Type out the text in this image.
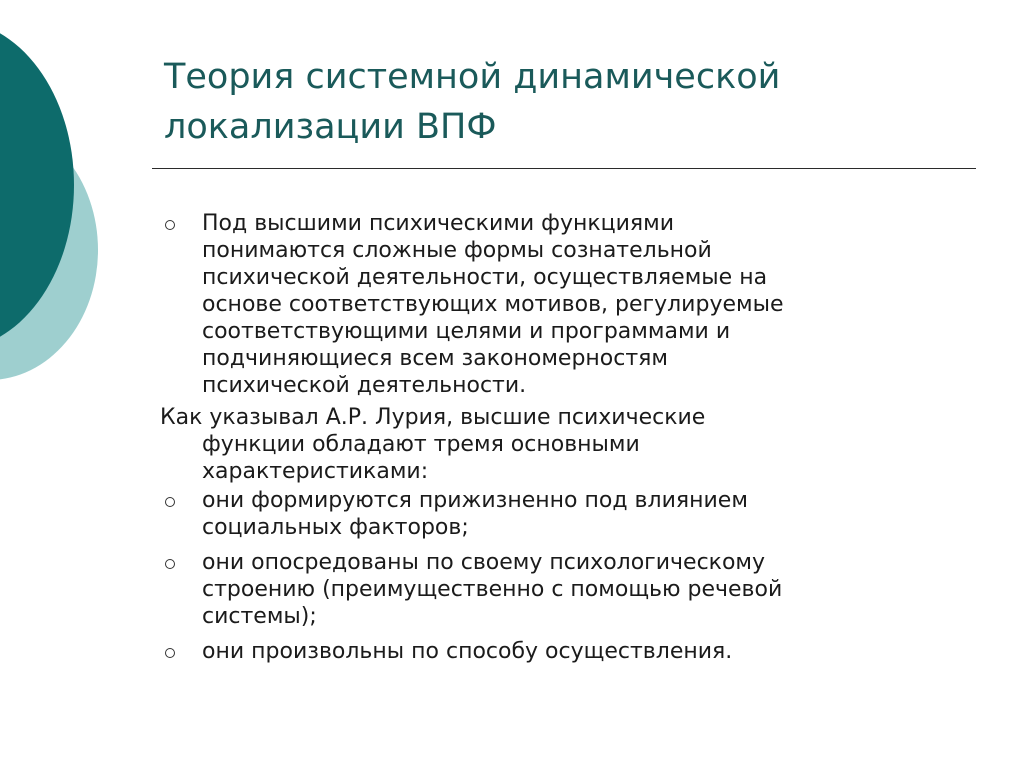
Теория системной динамической
локализации ВПФ
Под высшими психическими функциями
понимаются сложные формы сознательной
психической деятельности, осуществляемые на
основе соответствующих мотивов, регулируемые
соответствующими целями и программами и
подчиняющиеся всем закономерностям
психической деятельности.
Как указывал А.Р. Лурия, высшие психические
функции обладают тремя основными
характеристиками:
они формируются прижизненно под влиянием
социальных факторов;
они опосредованы по своему психологическому
строению (преимущественно с помощью речевой
системы);
они произвольны по способу осуществления.
